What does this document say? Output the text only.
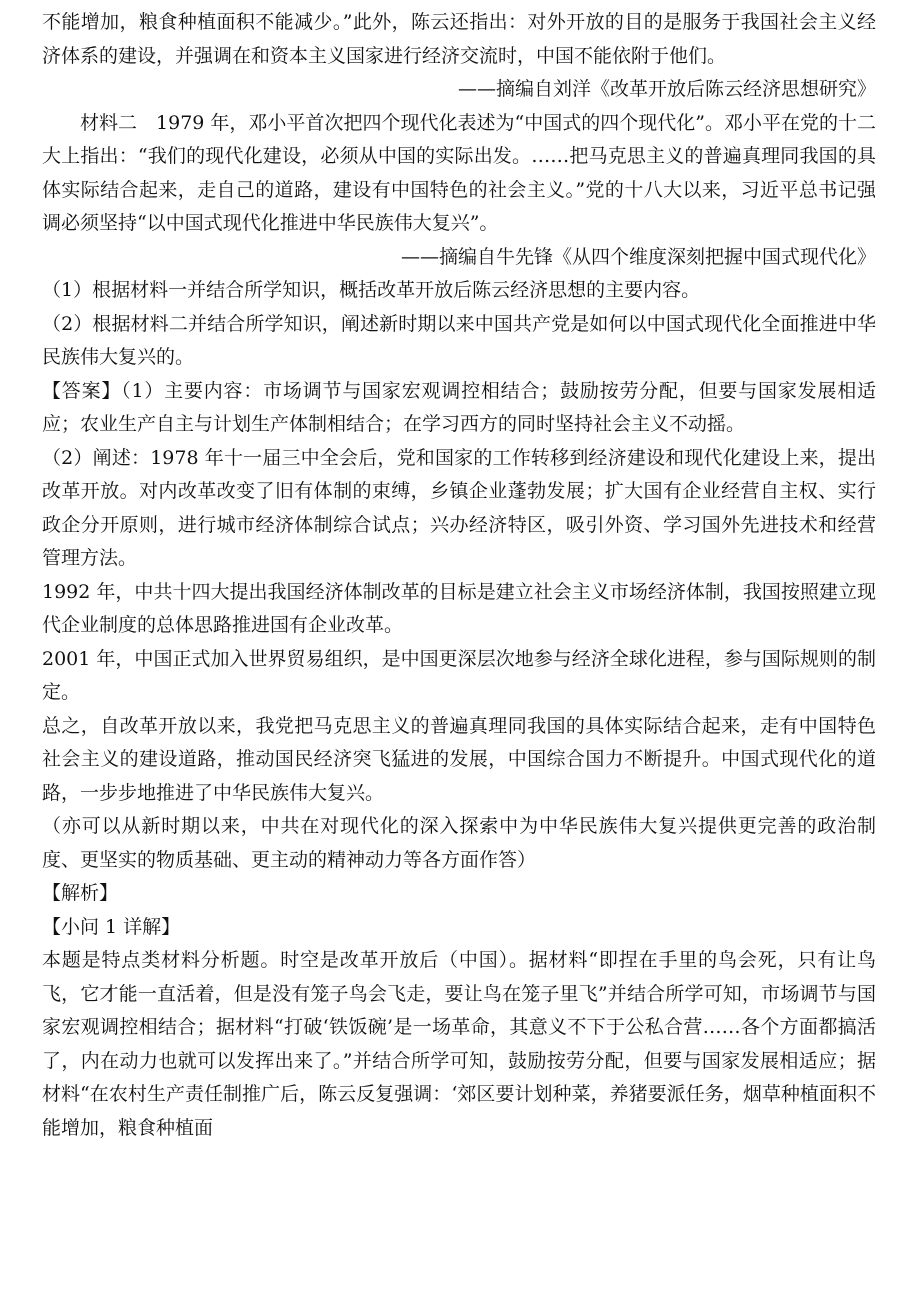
不能增加，粮食种植面积不能减少。”此外，陈云还指出：对外开放的目的是服务于我国社会主义经济体系的建设，并强调在和资本主义国家进行经济交流时，中国不能依附于他们。

——摘编自刘洋《改革开放后陈云经济思想研究》

材料二　1979 年，邓小平首次把四个现代化表述为“中国式的四个现代化”。邓小平在党的十二大上指出：“我们的现代化建设，必须从中国的实际出发。……把马克思主义的普遍真理同我国的具体实际结合起来，走自己的道路，建设有中国特色的社会主义。”党的十八大以来，习近平总书记强调必须坚持“以中国式现代化推进中华民族伟大复兴”。

——摘编自牛先锋《从四个维度深刻把握中国式现代化》

（1）根据材料一并结合所学知识，概括改革开放后陈云经济思想的主要内容。

（2）根据材料二并结合所学知识，阐述新时期以来中国共产党是如何以中国式现代化全面推进中华民族伟大复兴的。

【答案】（1）主要内容：市场调节与国家宏观调控相结合；鼓励按劳分配，但要与国家发展相适应；农业生产自主与计划生产体制相结合；在学习西方的同时坚持社会主义不动摇。

（2）阐述：1978 年十一届三中全会后，党和国家的工作转移到经济建设和现代化建设上来，提出改革开放。对内改革改变了旧有体制的束缚，乡镇企业蓬勃发展；扩大国有企业经营自主权、实行政企分开原则，进行城市经济体制综合试点；兴办经济特区，吸引外资、学习国外先进技术和经营管理方法。

1992 年，中共十四大提出我国经济体制改革的目标是建立社会主义市场经济体制，我国按照建立现代企业制度的总体思路推进国有企业改革。

2001 年，中国正式加入世界贸易组织，是中国更深层次地参与经济全球化进程，参与国际规则的制定。

总之，自改革开放以来，我党把马克思主义的普遍真理同我国的具体实际结合起来，走有中国特色社会主义的建设道路，推动国民经济突飞猛进的发展，中国综合国力不断提升。中国式现代化的道路，一步步地推进了中华民族伟大复兴。

（亦可以从新时期以来，中共在对现代化的深入探索中为中华民族伟大复兴提供更完善的政治制度、更坚实的物质基础、更主动的精神动力等各方面作答）

【解析】

【小问 1 详解】

本题是特点类材料分析题。时空是改革开放后（中国）。据材料“即捏在手里的鸟会死，只有让鸟飞，它才能一直活着，但是没有笼子鸟会飞走，要让鸟在笼子里飞”并结合所学可知，市场调节与国家宏观调控相结合；据材料“打破‘铁饭碗’是一场革命，其意义不下于公私合营……各个方面都搞活了，内在动力也就可以发挥出来了。”并结合所学可知，鼓励按劳分配，但要与国家发展相适应；据材料“在农村生产责任制推广后，陈云反复强调：‘郊区要计划种菜，养猪要派任务，烟草种植面积不能增加，粮食种植面
